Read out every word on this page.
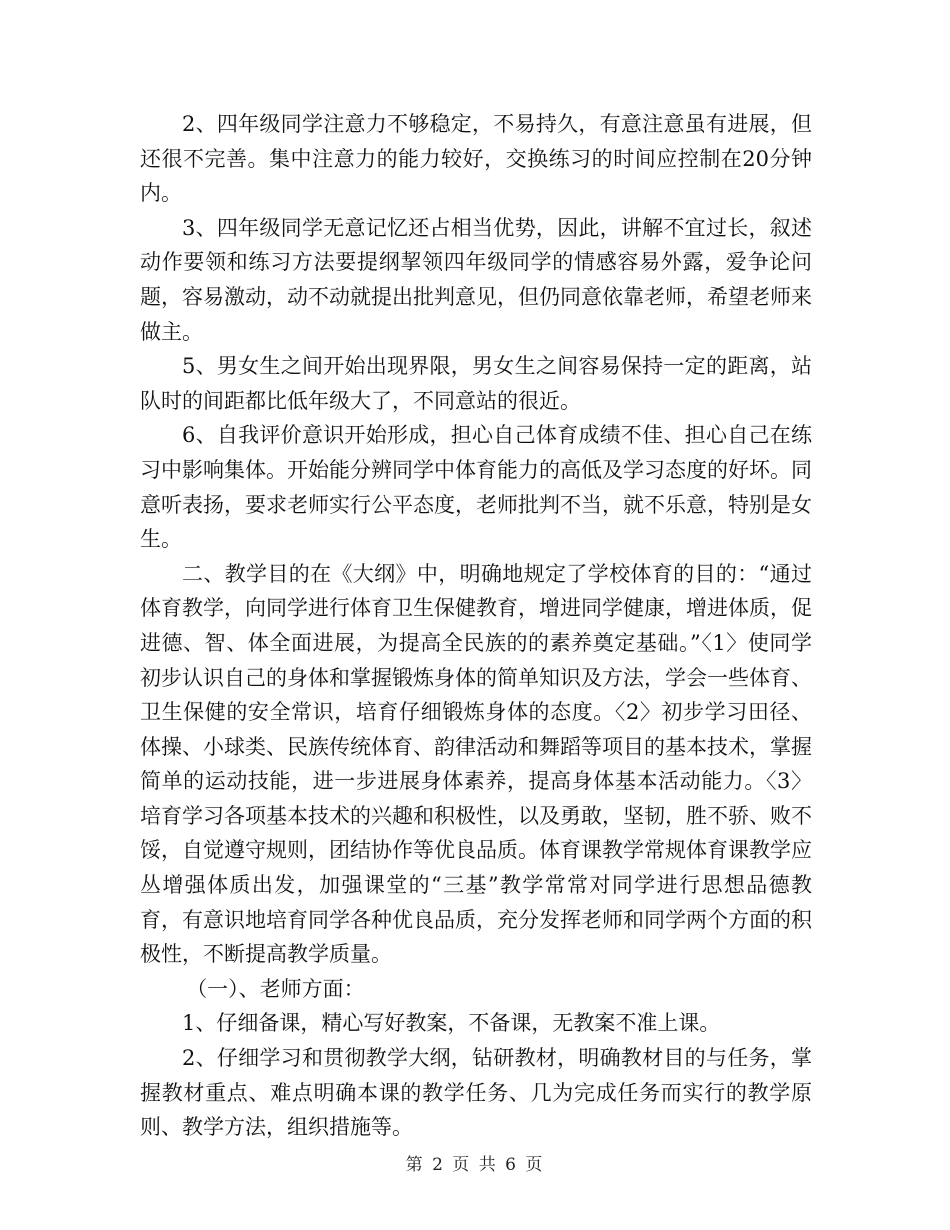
2、四年级同学注意力不够稳定，不易持久，有意注意虽有进展，但还很不完善。集中注意力的能力较好，交换练习的时间应控制在20分钟内。

3、四年级同学无意记忆还占相当优势，因此，讲解不宜过长，叙述动作要领和练习方法要提纲挈领四年级同学的情感容易外露，爱争论问题，容易激动，动不动就提出批判意见，但仍同意依靠老师，希望老师来做主。

5、男女生之间开始出现界限，男女生之间容易保持一定的距离，站队时的间距都比低年级大了，不同意站的很近。

6、自我评价意识开始形成，担心自己体育成绩不佳、担心自己在练习中影响集体。开始能分辨同学中体育能力的高低及学习态度的好坏。同意听表扬，要求老师实行公平态度，老师批判不当，就不乐意，特别是女生。

二、教学目的在《大纲》中，明确地规定了学校体育的目的：“通过体育教学，向同学进行体育卫生保健教育，增进同学健康，增进体质，促进德、智、体全面进展，为提高全民族的的素养奠定基础。”〈1〉使同学初步认识自己的身体和掌握锻炼身体的简单知识及方法，学会一些体育、卫生保健的安全常识，培育仔细锻炼身体的态度。〈2〉初步学习田径、体操、小球类、民族传统体育、韵律活动和舞蹈等项目的基本技术，掌握简单的运动技能，进一步进展身体素养，提高身体基本活动能力。〈3〉培育学习各项基本技术的兴趣和积极性，以及勇敢，坚韧，胜不骄、败不馁，自觉遵守规则，团结协作等优良品质。体育课教学常规体育课教学应丛增强体质出发，加强课堂的“三基”教学常常对同学进行思想品德教育，有意识地培育同学各种优良品质，充分发挥老师和同学两个方面的积极性，不断提高教学质量。

（一）、老师方面：

1、仔细备课，精心写好教案，不备课，无教案不准上课。

2、仔细学习和贯彻教学大纲，钻研教材，明确教材目的与任务，掌握教材重点、难点明确本课的教学任务、几为完成任务而实行的教学原则、教学方法，组织措施等。

第 2 页 共 6 页
